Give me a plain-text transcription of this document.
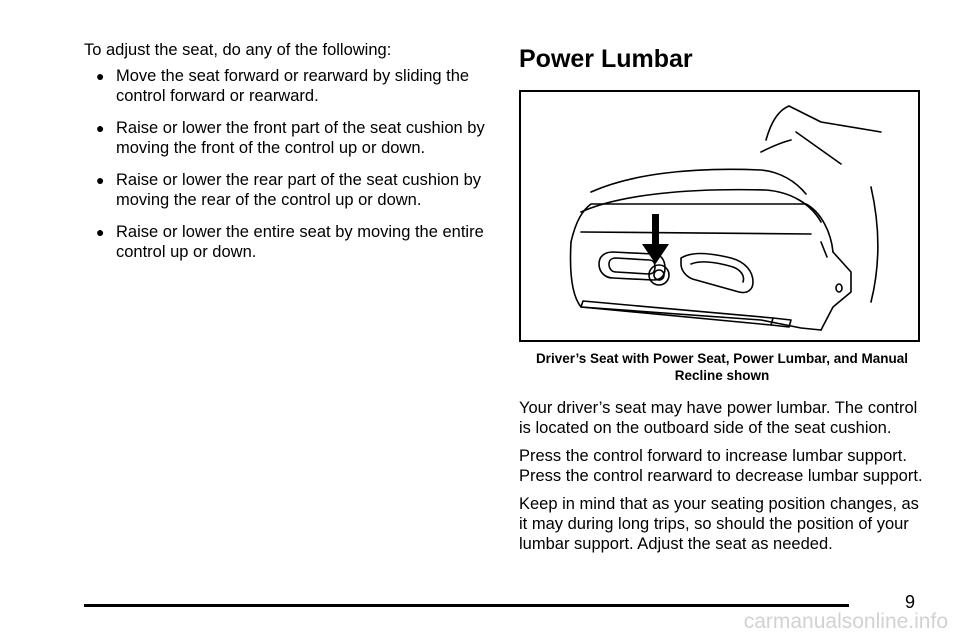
To adjust the seat, do any of the following:

● Move the seat forward or rearward by sliding the control forward or rearward.
● Raise or lower the front part of the seat cushion by moving the front of the control up or down.
● Raise or lower the rear part of the seat cushion by moving the rear of the control up or down.
● Raise or lower the entire seat by moving the entire control up or down.
Power Lumbar
Driver’s Seat with Power Seat, Power Lumbar, and Manual Recline shown

Your driver’s seat may have power lumbar. The control is located on the outboard side of the seat cushion.

Press the control forward to increase lumbar support. Press the control rearward to decrease lumbar support.

Keep in mind that as your seating position changes, as it may during long trips, so should the position of your lumbar support. Adjust the seat as needed.

9
carmanualsonline.info
